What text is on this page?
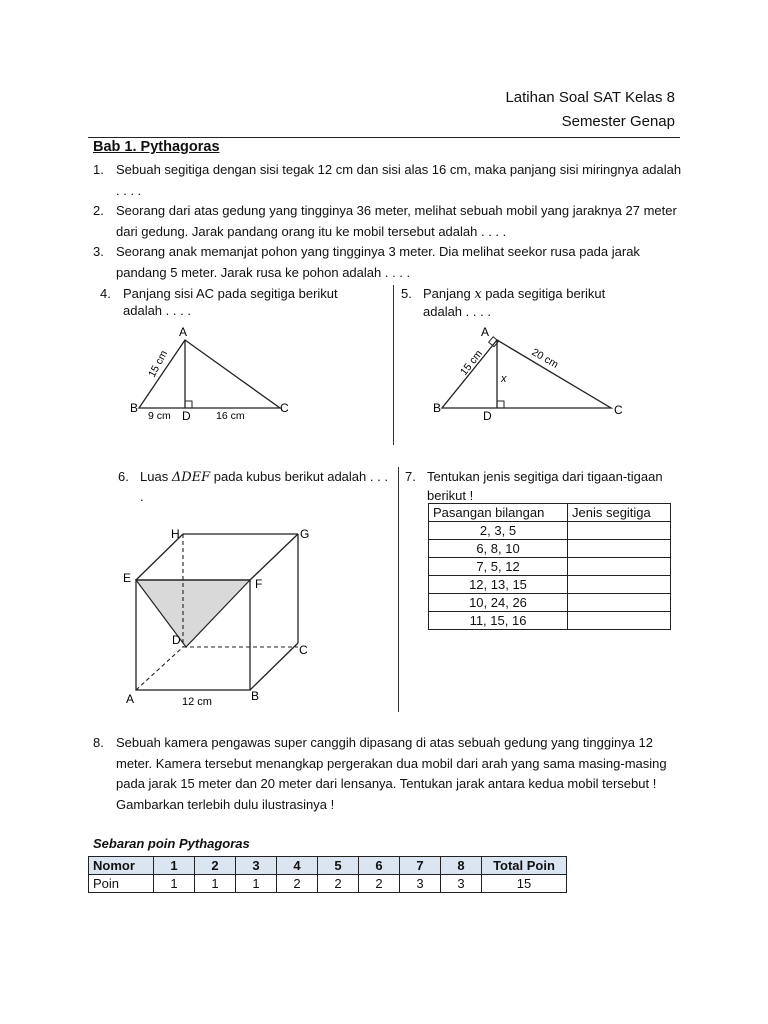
Latihan Soal SAT Kelas 8
Semester Genap
Bab 1. Pythagoras
1. Sebuah segitiga dengan sisi tegak 12 cm dan sisi alas 16 cm, maka panjang sisi miringnya adalah . . . .
2. Seorang dari atas gedung yang tingginya 36 meter, melihat sebuah mobil yang jaraknya 27 meter dari gedung. Jarak pandang orang itu ke mobil tersebut adalah . . . .
3. Seorang anak memanjat pohon yang tingginya 3 meter. Dia melihat seekor rusa pada jarak pandang 5 meter. Jarak rusa ke pohon adalah . . . .
4. Panjang sisi AC pada segitiga berikut adalah . . . .
A
B	C
D
15 cm
9 cm	16 cm
5. Panjang x pada segitiga berikut adalah . . . .
A
B	C
D
x
15 cm	20 cm
6. Luas ΔDEF pada kubus berikut adalah . . . .
H	G
E	F
D
C
A	B
12 cm
7. Tentukan jenis segitiga dari tigaan-tigaan berikut !
Pasangan bilangan	Jenis segitiga
2, 3, 5	
6, 8, 10	
7, 5, 12	
12, 13, 15	
10, 24, 26	
11, 15, 16	
8. Sebuah kamera pengawas super canggih dipasang di atas sebuah gedung yang tingginya 12 meter. Kamera tersebut menangkap pergerakan dua mobil dari arah yang sama masing-masing pada jarak 15 meter dan 20 meter dari lensanya. Tentukan jarak antara kedua mobil tersebut ! Gambarkan terlebih dulu ilustrasinya !
Sebaran poin Pythagoras
Nomor	1	2	3	4	5	6	7	8	Total Poin
Poin	1	1	1	2	2	2	3	3	15
